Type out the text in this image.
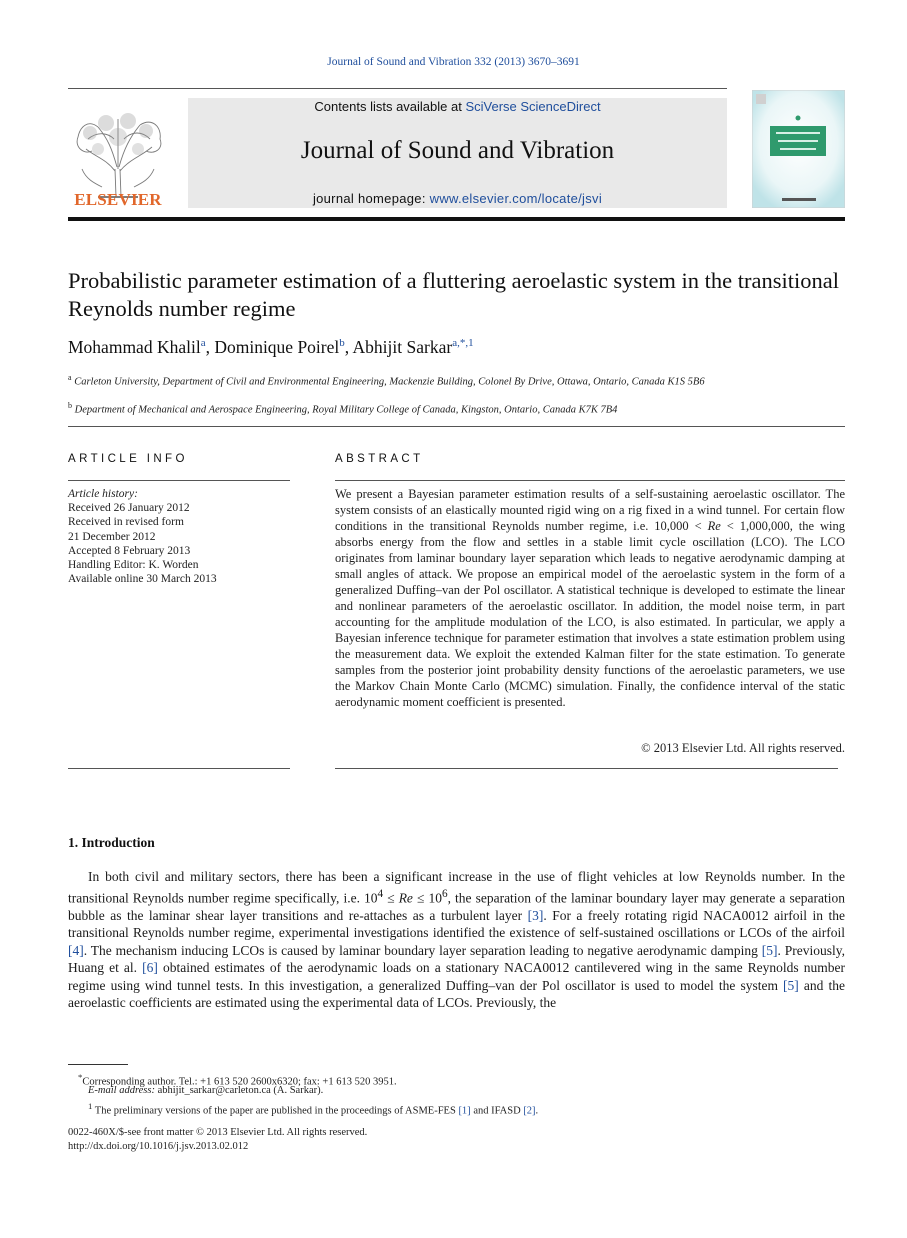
Journal of Sound and Vibration 332 (2013) 3670–3691
ELSEVIER
Contents lists available at SciVerse ScienceDirect
Journal of Sound and Vibration
journal homepage: www.elsevier.com/locate/jsvi
Probabilistic parameter estimation of a fluttering aeroelastic system in the transitional Reynolds number regime
Mohammad Khalil$^a$, Dominique Poirel$^b$, Abhijit Sarkar$^{a,*,1}$
$^a$ Carleton University, Department of Civil and Environmental Engineering, Mackenzie Building, Colonel By Drive, Ottawa, Ontario, Canada K1S 5B6
$^b$ Department of Mechanical and Aerospace Engineering, Royal Military College of Canada, Kingston, Ontario, Canada K7K 7B4
ARTICLE INFO	ABSTRACT
Article history:
Received 26 January 2012
Received in revised form
21 December 2012
Accepted 8 February 2013
Handling Editor: K. Worden
Available online 30 March 2013
We present a Bayesian parameter estimation results of a self-sustaining aeroelastic oscillator. The system consists of an elastically mounted rigid wing on a rig fixed in a wind tunnel. For certain flow conditions in the transitional Reynolds number regime, i.e. 10,000 < Re < 1,000,000, the wing absorbs energy from the flow and settles in a stable limit cycle oscillation (LCO). The LCO originates from laminar boundary layer separation which leads to negative aerodynamic damping at small angles of attack. We propose an empirical model of the aeroelastic system in the form of a generalized Duffing–van der Pol oscillator. A statistical technique is developed to estimate the linear and nonlinear parameters of the aeroelastic oscillator. In addition, the model noise term, in part accounting for the amplitude modulation of the LCO, is also estimated. In particular, we apply a Bayesian inference technique for parameter estimation that involves a state estimation problem using the measurement data. We exploit the extended Kalman filter for the state estimation. To generate samples from the posterior joint probability density functions of the aeroelastic parameters, we use the Markov Chain Monte Carlo (MCMC) simulation. Finally, the confidence interval of the static aerodynamic moment coefficient is presented.
© 2013 Elsevier Ltd. All rights reserved.
1. Introduction
In both civil and military sectors, there has been a significant increase in the use of flight vehicles at low Reynolds number. In the transitional Reynolds number regime specifically, i.e. $10^4 \le Re \le 10^6$, the separation of the laminar boundary layer may generate a separation bubble as the laminar shear layer transitions and re-attaches as a turbulent layer [3]. For a freely rotating rigid NACA0012 airfoil in the transitional Reynolds number regime, experimental investigations identified the existence of self-sustained oscillations or LCOs of the airfoil [4]. The mechanism inducing LCOs is caused by laminar boundary layer separation leading to negative aerodynamic damping [5]. Previously, Huang et al. [6] obtained estimates of the aerodynamic loads on a stationary NACA0012 cantilevered wing in the same Reynolds number regime using wind tunnel tests. In this investigation, a generalized Duffing–van der Pol oscillator is used to model the system [5] and the aeroelastic coefficients are estimated using the experimental data of LCOs. Previously, the
*Corresponding author. Tel.: +1 613 520 2600x6320; fax: +1 613 520 3951.
E-mail address: abhijit_sarkar@carleton.ca (A. Sarkar).
$^1$ The preliminary versions of the paper are published in the proceedings of ASME-FES [1] and IFASD [2].
0022-460X/$-see front matter © 2013 Elsevier Ltd. All rights reserved.
http://dx.doi.org/10.1016/j.jsv.2013.02.012
